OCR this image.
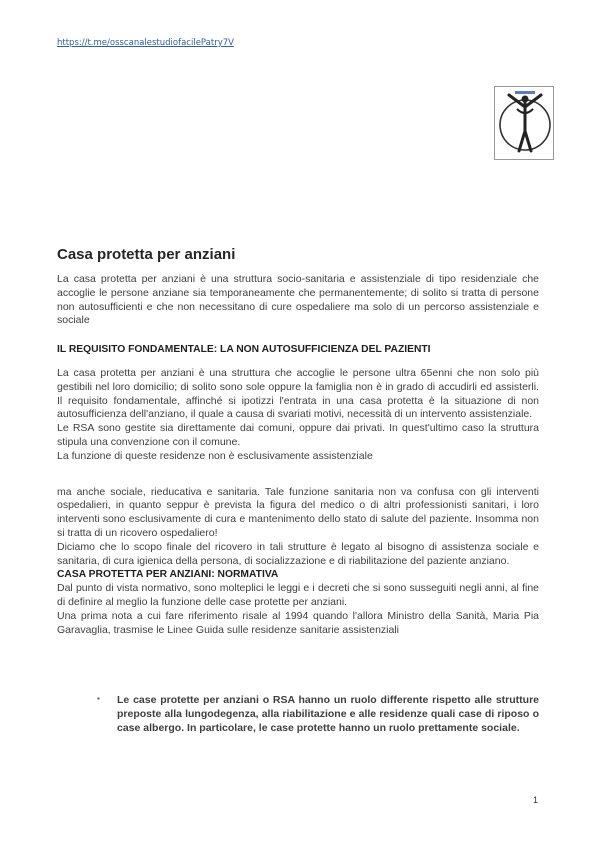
https://t.me/osscanalestudiofacilePatry7V
Casa protetta per anziani

La casa protetta per anziani è una struttura socio-sanitaria e assistenziale di tipo residenziale che accoglie le persone anziane sia temporaneamente che permanentemente; di solito si tratta di persone non autosufficienti e che non necessitano di cure ospedaliere ma solo di un percorso assistenziale e sociale

IL REQUISITO FONDAMENTALE: LA NON AUTOSUFFICIENZA DEL PAZIENTI

La casa protetta per anziani è una struttura che accoglie le persone ultra 65enni che non solo più gestibili nel loro domicilio; di solito sono sole oppure la famiglia non è in grado di accudirli ed assisterli. Il requisito fondamentale, affinché si ipotizzi l'entrata in una casa protetta è la situazione di non autosufficienza dell'anziano, il quale a causa di svariati motivi, necessità di un intervento assistenziale.

Le RSA sono gestite sia direttamente dai comuni, oppure dai privati. In quest'ultimo caso la struttura stipula una convenzione con il comune.

La funzione di queste residenze non è esclusivamente assistenziale

ma anche sociale, rieducativa e sanitaria. Tale funzione sanitaria non va confusa con gli interventi ospedalieri, in quanto seppur è prevista la figura del medico o di altri professionisti sanitari, i loro interventi sono esclusivamente di cura e mantenimento dello stato di salute del paziente. Insomma non si tratta di un ricovero ospedaliero!

Diciamo che lo scopo finale del ricovero in tali strutture è legato al bisogno di assistenza sociale e sanitaria, di cura igienica della persona, di socializzazione e di riabilitazione del paziente anziano.

CASA PROTETTA PER ANZIANI: NORMATIVA

Dal punto di vista normativo, sono molteplici le leggi e i decreti che si sono susseguiti negli anni, al fine di definire al meglio la funzione delle case protette per anziani.

Una prima nota a cui fare riferimento risale al 1994 quando l'allora Ministro della Sanità, Maria Pia Garavaglia, trasmise le Linee Guida sulle residenze sanitarie assistenziali

▪ Le case protette per anziani o RSA hanno un ruolo differente rispetto alle strutture preposte alla lungodegenza, alla riabilitazione e alle residenze quali case di riposo o case albergo. In particolare, le case protette hanno un ruolo prettamente sociale.

1
